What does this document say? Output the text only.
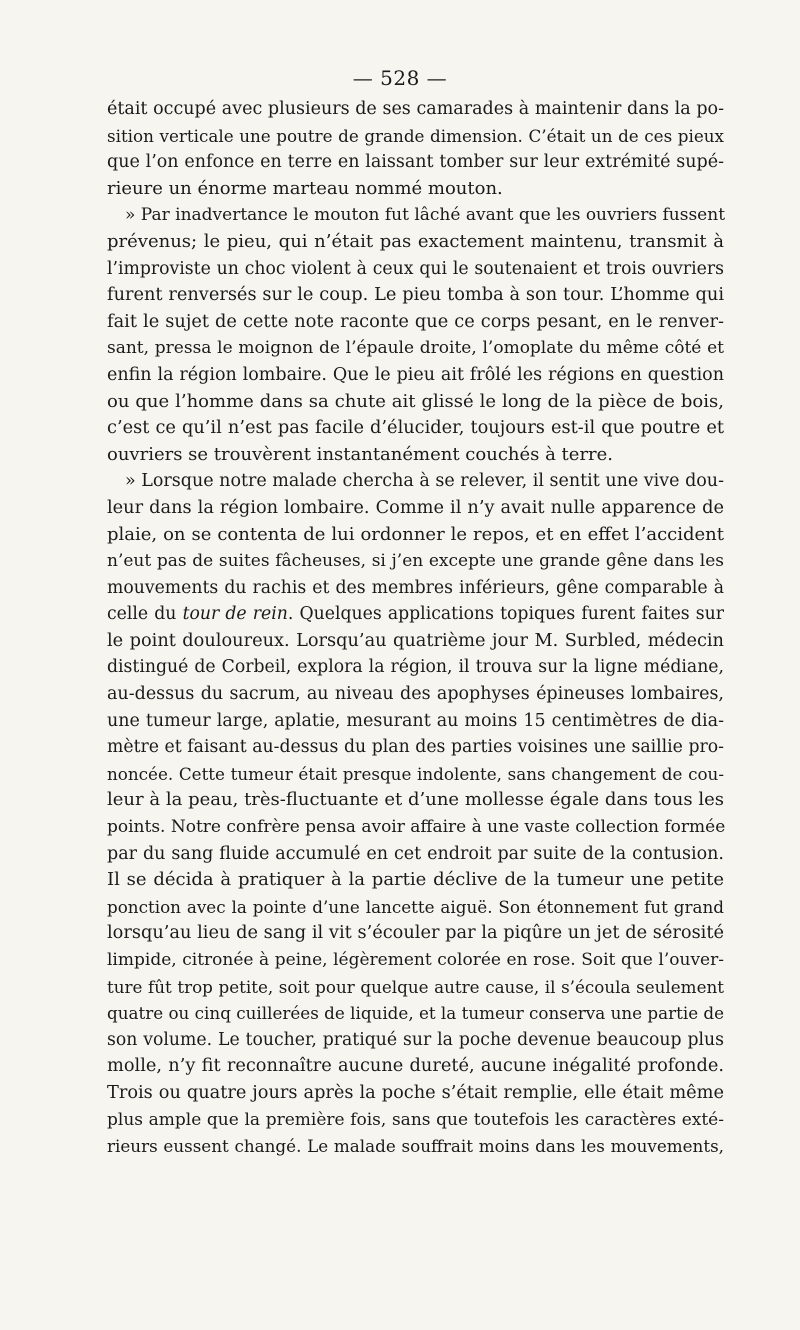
— 528 —
était occupé avec plusieurs de ses camarades à maintenir dans la po-
sition verticale une poutre de grande dimension. C’était un de ces pieux
que l’on enfonce en terre en laissant tomber sur leur extrémité supé-
rieure un énorme marteau nommé mouton.
» Par inadvertance le mouton fut lâché avant que les ouvriers fussent
prévenus; le pieu, qui n’était pas exactement maintenu, transmit à
l’improviste un choc violent à ceux qui le soutenaient et trois ouvriers
furent renversés sur le coup. Le pieu tomba à son tour. L’homme qui
fait le sujet de cette note raconte que ce corps pesant, en le renver-
sant, pressa le moignon de l’épaule droite, l’omoplate du même côté et
enfin la région lombaire. Que le pieu ait frôlé les régions en question
ou que l’homme dans sa chute ait glissé le long de la pièce de bois,
c’est ce qu’il n’est pas facile d’élucider, toujours est-il que poutre et
ouvriers se trouvèrent instantanément couchés à terre.
» Lorsque notre malade chercha à se relever, il sentit une vive dou-
leur dans la région lombaire. Comme il n’y avait nulle apparence de
plaie, on se contenta de lui ordonner le repos, et en effet l’accident
n’eut pas de suites fâcheuses, si j’en excepte une grande gêne dans les
mouvements du rachis et des membres inférieurs, gêne comparable à
celle du tour de rein. Quelques applications topiques furent faites sur
le point douloureux. Lorsqu’au quatrième jour M. Surbled, médecin
distingué de Corbeil, explora la région, il trouva sur la ligne médiane,
au-dessus du sacrum, au niveau des apophyses épineuses lombaires,
une tumeur large, aplatie, mesurant au moins 15 centimètres de dia-
mètre et faisant au-dessus du plan des parties voisines une saillie pro-
noncée. Cette tumeur était presque indolente, sans changement de cou-
leur à la peau, très-fluctuante et d’une mollesse égale dans tous les
points. Notre confrère pensa avoir affaire à une vaste collection formée
par du sang fluide accumulé en cet endroit par suite de la contusion.
Il se décida à pratiquer à la partie déclive de la tumeur une petite
ponction avec la pointe d’une lancette aiguë. Son étonnement fut grand
lorsqu’au lieu de sang il vit s’écouler par la piqûre un jet de sérosité
limpide, citronée à peine, légèrement colorée en rose. Soit que l’ouver-
ture fût trop petite, soit pour quelque autre cause, il s’écoula seulement
quatre ou cinq cuillerées de liquide, et la tumeur conserva une partie de
son volume. Le toucher, pratiqué sur la poche devenue beaucoup plus
molle, n’y fit reconnaître aucune dureté, aucune inégalité profonde.
Trois ou quatre jours après la poche s’était remplie, elle était même
plus ample que la première fois, sans que toutefois les caractères exté-
rieurs eussent changé. Le malade souffrait moins dans les mouvements,
